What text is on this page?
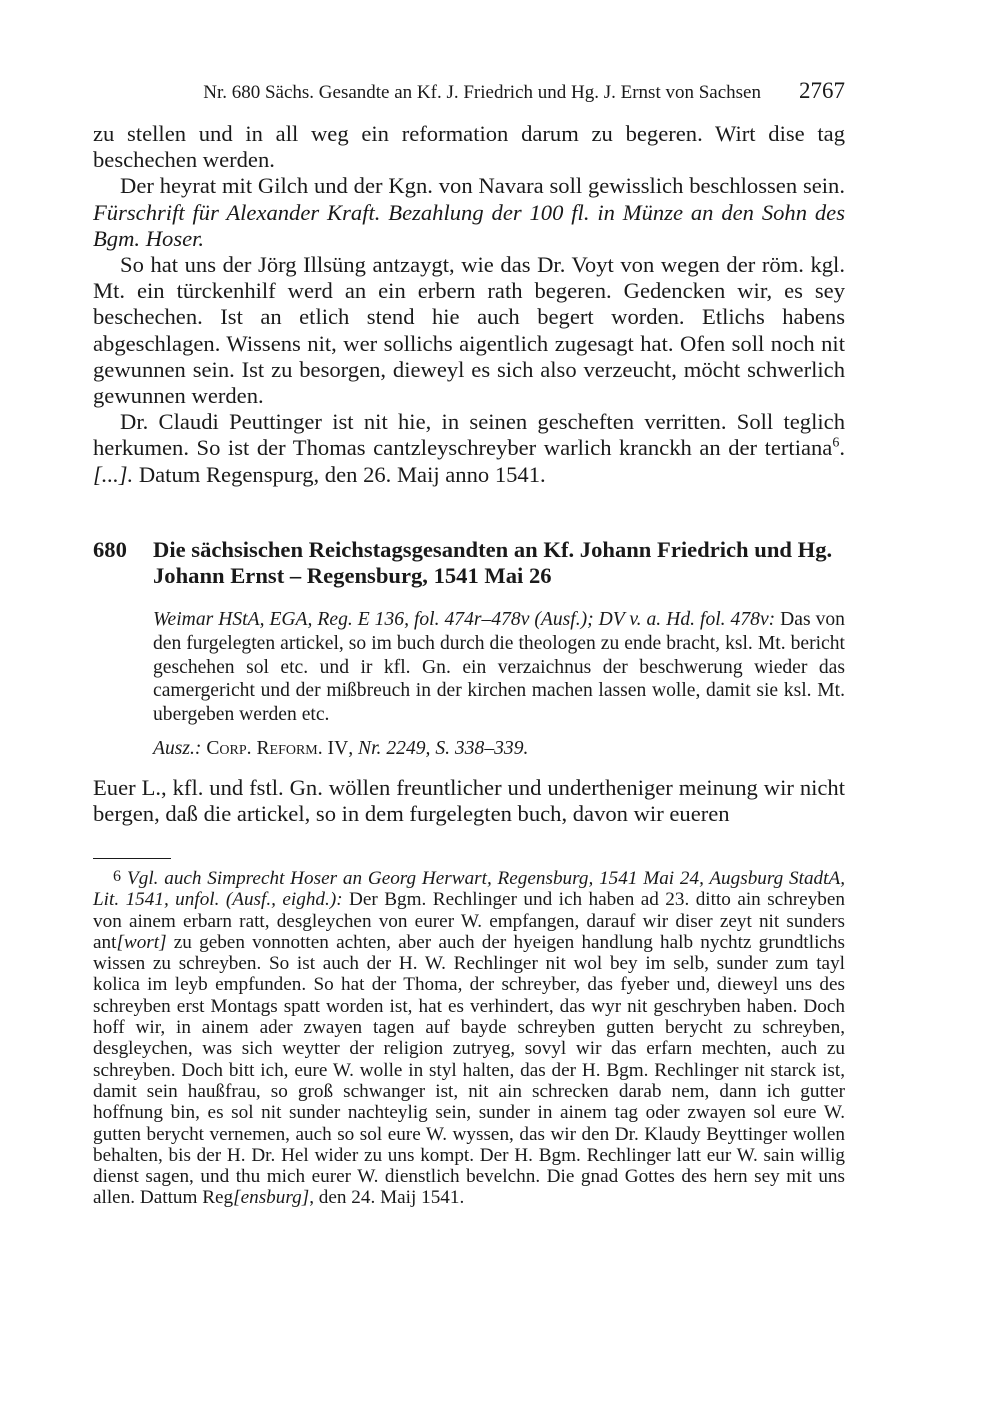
Nr. 680 Sächs. Gesandte an Kf. J. Friedrich und Hg. J. Ernst von Sachsen 2767

zu stellen und in all weg ein reformation darum zu begeren. Wirt dise tag beschechen werden.

Der heyrat mit Gilch und der Kgn. von Navara soll gewisslich beschlossen sein. Fürschrift für Alexander Kraft. Bezahlung der 100 fl. in Münze an den Sohn des Bgm. Hoser.

So hat uns der Jörg Illsüng antzaygt, wie das Dr. Voyt von wegen der röm. kgl. Mt. ein türckenhilf werd an ein erbern rath begeren. Gedencken wir, es sey beschechen. Ist an etlich stend hie auch begert worden. Etlichs habens abgeschlagen. Wissens nit, wer sollichs aigentlich zugesagt hat. Ofen soll noch nit gewunnen sein. Ist zu besorgen, dieweyl es sich also verzeucht, möcht schwerlich gewunnen werden.

Dr. Claudi Peuttinger ist nit hie, in seinen gescheften verritten. Soll teglich herkumen. So ist der Thomas cantzleyschreyber warlich kranckh an der tertiana$^6$. [...]. Datum Regenspurg, den 26. Maij anno 1541.

680 Die sächsischen Reichstagsgesandten an Kf. Johann Friedrich und Hg. Johann Ernst – Regensburg, 1541 Mai 26

Weimar HStA, EGA, Reg. E 136, fol. 474r–478v (Ausf.); DV v. a. Hd. fol. 478v: Das von den furgelegten artickel, so im buch durch die theologen zu ende bracht, ksl. Mt. bericht geschehen sol etc. und ir kfl. Gn. ein verzaichnus der beschwerung wieder das camergericht und der mißbreuch in der kirchen machen lassen wolle, damit sie ksl. Mt. ubergeben werden etc.

Ausz.: Corp. Reform. IV, Nr. 2249, S. 338–339.

Euer L., kfl. und fstl. Gn. wöllen freuntlicher und undertheniger meinung wir nicht bergen, daß die artickel, so in dem furgelegten buch, davon wir eueren

6 Vgl. auch Simprecht Hoser an Georg Herwart, Regensburg, 1541 Mai 24, Augsburg StadtA, Lit. 1541, unfol. (Ausf., eighd.): Der Bgm. Rechlinger und ich haben ad 23. ditto ain schreyben von ainem erbarn ratt, desgleychen von eurer W. empfangen, darauf wir diser zeyt nit sunders ant[wort] zu geben vonnotten achten, aber auch der hyeigen handlung halb nychtz grundtlichs wissen zu schreyben. So ist auch der H. W. Rechlinger nit wol bey im selb, sunder zum tayl kolica im leyb empfunden. So hat der Thoma, der schreyber, das fyeber und, dieweyl uns des schreyben erst Montags spatt worden ist, hat es verhindert, das wyr nit geschryben haben. Doch hoff wir, in ainem ader zwayen tagen auf bayde schreyben gutten berycht zu schreyben, desgleychen, was sich weytter der religion zutryeg, sovyl wir das erfarn mechten, auch zu schreyben. Doch bitt ich, eure W. wolle in styl halten, das der H. Bgm. Rechlinger nit starck ist, damit sein haußfrau, so groß schwanger ist, nit ain schrecken darab nem, dann ich gutter hoffnung bin, es sol nit sunder nachteylig sein, sunder in ainem tag oder zwayen sol eure W. gutten berycht vernemen, auch so sol eure W. wyssen, das wir den Dr. Klaudy Beyttinger wollen behalten, bis der H. Dr. Hel wider zu uns kompt. Der H. Bgm. Rechlinger latt eur W. sain willig dienst sagen, und thu mich eurer W. dienstlich bevelchn. Die gnad Gottes des hern sey mit uns allen. Dattum Reg[ensburg], den 24. Maij 1541.
